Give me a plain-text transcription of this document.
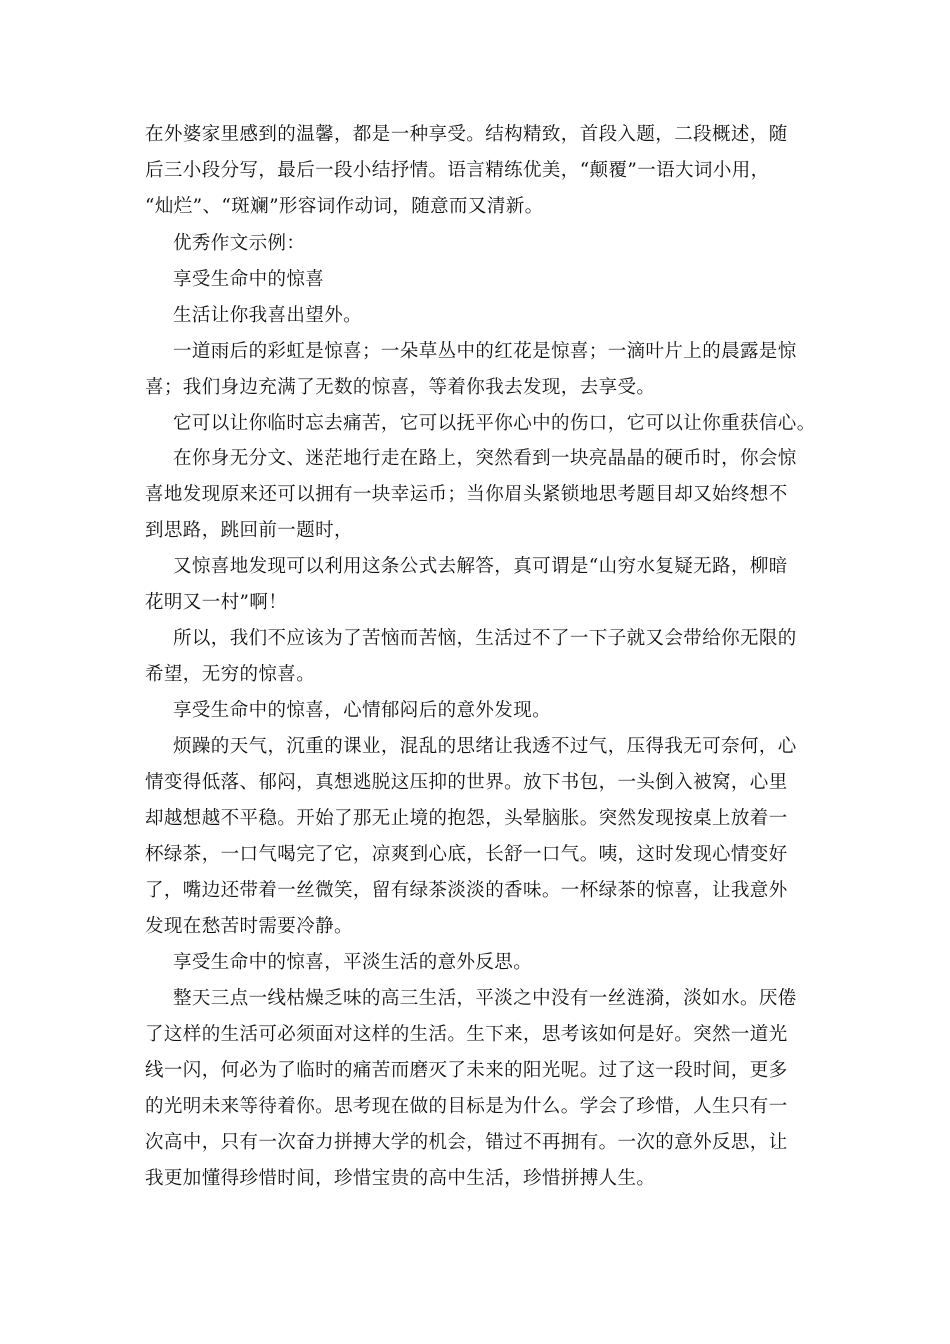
在外婆家里感到的温馨，都是一种享受。结构精致，首段入题，二段概述，随
后三小段分写，最后一段小结抒情。语言精练优美，“颠覆”一语大词小用，
“灿烂”、“斑斓”形容词作动词，随意而又清新。
优秀作文示例：
享受生命中的惊喜
生活让你我喜出望外。
一道雨后的彩虹是惊喜；一朵草丛中的红花是惊喜；一滴叶片上的晨露是惊
喜；我们身边充满了无数的惊喜，等着你我去发现，去享受。
它可以让你临时忘去痛苦，它可以抚平你心中的伤口，它可以让你重获信心。
在你身无分文、迷茫地行走在路上，突然看到一块亮晶晶的硬币时，你会惊
喜地发现原来还可以拥有一块幸运币；当你眉头紧锁地思考题目却又始终想不
到思路，跳回前一题时，
又惊喜地发现可以利用这条公式去解答，真可谓是“山穷水复疑无路，柳暗
花明又一村”啊！
所以，我们不应该为了苦恼而苦恼，生活过不了一下子就又会带给你无限的
希望，无穷的惊喜。
享受生命中的惊喜，心情郁闷后的意外发现。
烦躁的天气，沉重的课业，混乱的思绪让我透不过气，压得我无可奈何，心
情变得低落、郁闷，真想逃脱这压抑的世界。放下书包，一头倒入被窝，心里
却越想越不平稳。开始了那无止境的抱怨，头晕脑胀。突然发现按桌上放着一
杯绿茶，一口气喝完了它，凉爽到心底，长舒一口气。咦，这时发现心情变好
了，嘴边还带着一丝微笑，留有绿茶淡淡的香味。一杯绿茶的惊喜，让我意外
发现在愁苦时需要冷静。
享受生命中的惊喜，平淡生活的意外反思。
整天三点一线枯燥乏味的高三生活，平淡之中没有一丝涟漪，淡如水。厌倦
了这样的生活可必须面对这样的生活。生下来，思考该如何是好。突然一道光
线一闪，何必为了临时的痛苦而磨灭了未来的阳光呢。过了这一段时间，更多
的光明未来等待着你。思考现在做的目标是为什么。学会了珍惜，人生只有一
次高中，只有一次奋力拼搏大学的机会，错过不再拥有。一次的意外反思，让
我更加懂得珍惜时间，珍惜宝贵的高中生活，珍惜拼搏人生。
